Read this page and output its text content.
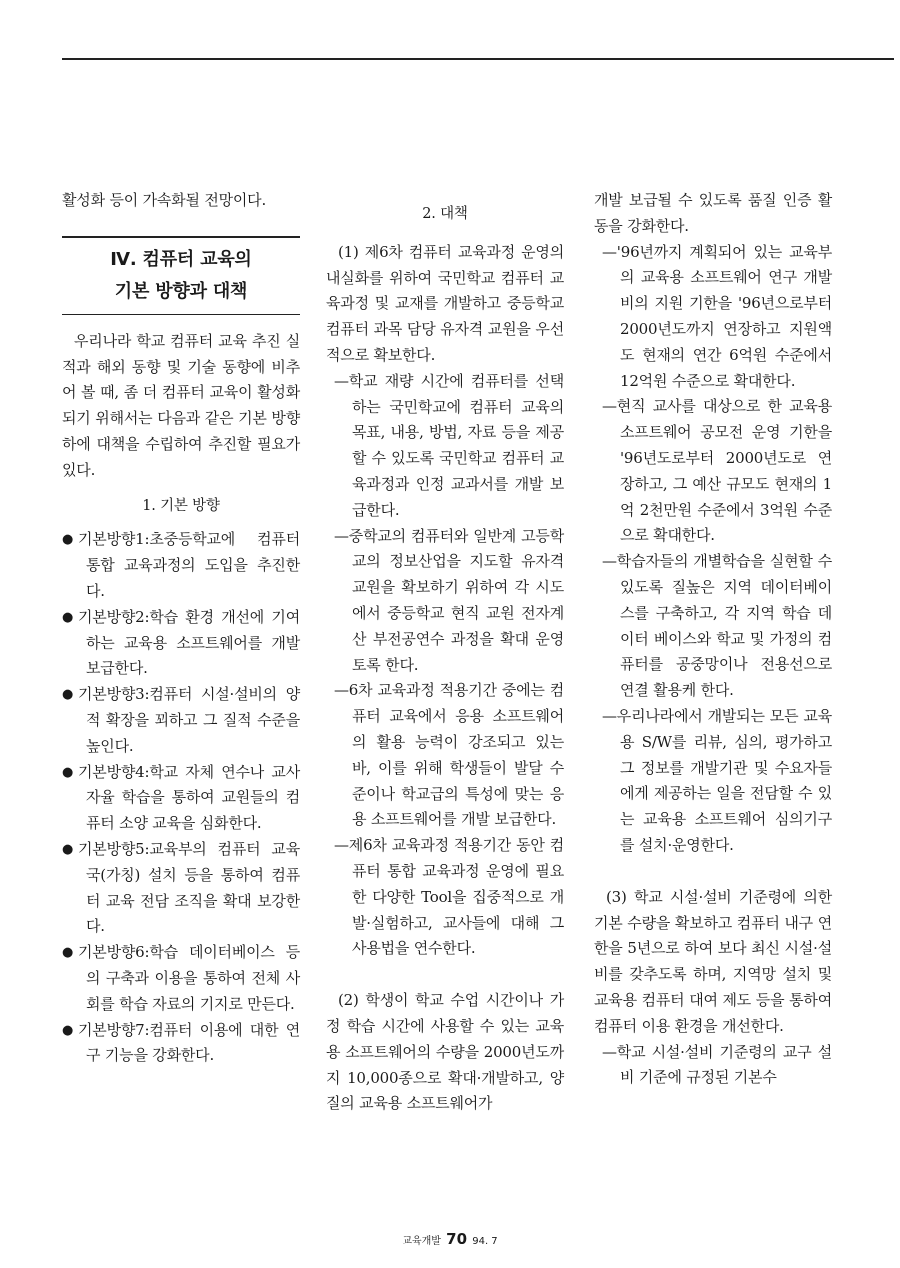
활성화 등이 가속화될 전망이다.

Ⅳ. 컴퓨터 교육의
기본 방향과 대책

우리나라 학교 컴퓨터 교육 추진 실적과 해외 동향 및 기술 동향에 비추어 볼 때, 좀 더 컴퓨터 교육이 활성화되기 위해서는 다음과 같은 기본 방향하에 대책을 수립하여 추진할 필요가 있다.

1. 기본 방향

● 기본방향1:초중등학교에 컴퓨터 통합 교육과정의 도입을 추진한다.

● 기본방향2:학습 환경 개선에 기여하는 교육용 소프트웨어를 개발 보급한다.

● 기본방향3:컴퓨터 시설·설비의 양적 확장을 꾀하고 그 질적 수준을 높인다.

● 기본방향4:학교 자체 연수나 교사 자율 학습을 통하여 교원들의 컴퓨터 소양 교육을 심화한다.

● 기본방향5:교육부의 컴퓨터 교육국(가칭) 설치 등을 통하여 컴퓨터 교육 전담 조직을 확대 보강한다.

● 기본방향6:학습 데이터베이스 등의 구축과 이용을 통하여 전체 사회를 학습 자료의 기지로 만든다.

● 기본방향7:컴퓨터 이용에 대한 연구 기능을 강화한다.

2. 대책

(1) 제6차 컴퓨터 교육과정 운영의 내실화를 위하여 국민학교 컴퓨터 교육과정 및 교재를 개발하고 중등학교 컴퓨터 과목 담당 유자격 교원을 우선적으로 확보한다.

—학교 재량 시간에 컴퓨터를 선택하는 국민학교에 컴퓨터 교육의 목표, 내용, 방법, 자료 등을 제공할 수 있도록 국민학교 컴퓨터 교육과정과 인정 교과서를 개발 보급한다.

—중학교의 컴퓨터와 일반계 고등학교의 정보산업을 지도할 유자격 교원을 확보하기 위하여 각 시도에서 중등학교 현직 교원 전자계산 부전공연수 과정을 확대 운영토록 한다.

—6차 교육과정 적용기간 중에는 컴퓨터 교육에서 응용 소프트웨어의 활용 능력이 강조되고 있는 바, 이를 위해 학생들이 발달 수준이나 학교급의 특성에 맞는 응용 소프트웨어를 개발 보급한다.

—제6차 교육과정 적용기간 동안 컴퓨터 통합 교육과정 운영에 필요한 다양한 Tool을 집중적으로 개발·실험하고, 교사들에 대해 그 사용법을 연수한다.

(2) 학생이 학교 수업 시간이나 가정 학습 시간에 사용할 수 있는 교육용 소프트웨어의 수량을 2000년도까지 10,000종으로 확대·개발하고, 양질의 교육용 소프트웨어가

개발 보급될 수 있도록 품질 인증 활동을 강화한다.

—'96년까지 계획되어 있는 교육부의 교육용 소프트웨어 연구 개발비의 지원 기한을 '96년으로부터 2000년도까지 연장하고 지원액도 현재의 연간 6억원 수준에서 12억원 수준으로 확대한다.

—현직 교사를 대상으로 한 교육용 소프트웨어 공모전 운영 기한을 '96년도로부터 2000년도로 연장하고, 그 예산 규모도 현재의 1억 2천만원 수준에서 3억원 수준으로 확대한다.

—학습자들의 개별학습을 실현할 수 있도록 질높은 지역 데이터베이스를 구축하고, 각 지역 학습 데이터 베이스와 학교 및 가정의 컴퓨터를 공중망이나 전용선으로 연결 활용케 한다.

—우리나라에서 개발되는 모든 교육용 S/W를 리뷰, 심의, 평가하고 그 정보를 개발기관 및 수요자들에게 제공하는 일을 전담할 수 있는 교육용 소프트웨어 심의기구를 설치·운영한다.

(3) 학교 시설·설비 기준령에 의한 기본 수량을 확보하고 컴퓨터 내구 연한을 5년으로 하여 보다 최신 시설·설비를 갖추도록 하며, 지역망 설치 및 교육용 컴퓨터 대여 제도 등을 통하여 컴퓨터 이용 환경을 개선한다.

—학교 시설·설비 기준령의 교구 설비 기준에 규정된 기본수

교육개발 70 94. 7
